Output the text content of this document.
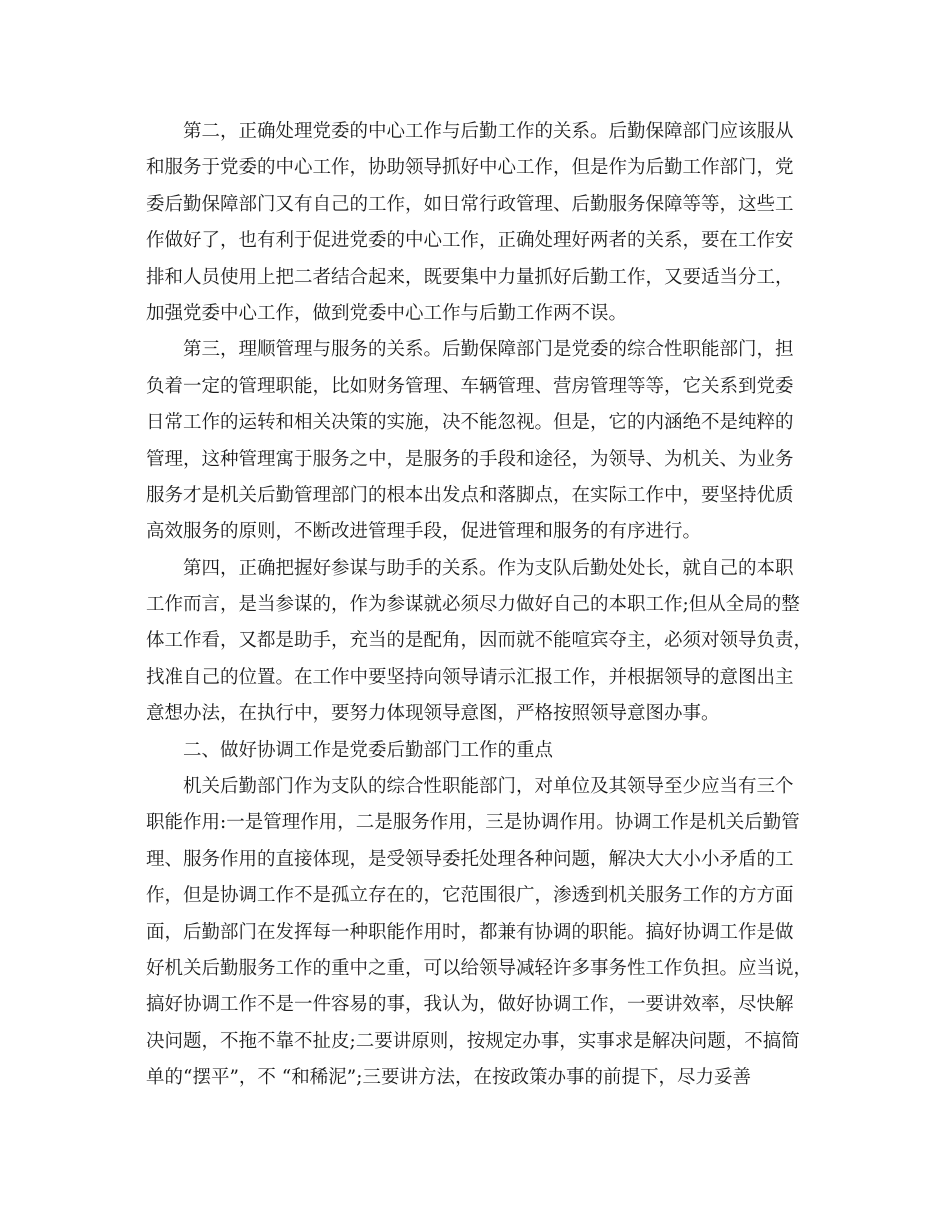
第二，正确处理党委的中心工作与后勤工作的关系。后勤保障部门应该服从
和服务于党委的中心工作，协助领导抓好中心工作，但是作为后勤工作部门，党
委后勤保障部门又有自己的工作，如日常行政管理、后勤服务保障等等，这些工
作做好了，也有利于促进党委的中心工作，正确处理好两者的关系，要在工作安
排和人员使用上把二者结合起来，既要集中力量抓好后勤工作，又要适当分工，
加强党委中心工作，做到党委中心工作与后勤工作两不误。
第三，理顺管理与服务的关系。后勤保障部门是党委的综合性职能部门，担
负着一定的管理职能，比如财务管理、车辆管理、营房管理等等，它关系到党委
日常工作的运转和相关决策的实施，决不能忽视。但是，它的内涵绝不是纯粹的
管理，这种管理寓于服务之中，是服务的手段和途径，为领导、为机关、为业务
服务才是机关后勤管理部门的根本出发点和落脚点，在实际工作中，要坚持优质
高效服务的原则，不断改进管理手段，促进管理和服务的有序进行。
第四，正确把握好参谋与助手的关系。作为支队后勤处处长，就自己的本职
工作而言，是当参谋的，作为参谋就必须尽力做好自己的本职工作;但从全局的整
体工作看，又都是助手，充当的是配角，因而就不能喧宾夺主，必须对领导负责，
找准自己的位置。在工作中要坚持向领导请示汇报工作，并根据领导的意图出主
意想办法，在执行中，要努力体现领导意图，严格按照领导意图办事。
二、做好协调工作是党委后勤部门工作的重点
机关后勤部门作为支队的综合性职能部门，对单位及其领导至少应当有三个
职能作用:一是管理作用，二是服务作用，三是协调作用。协调工作是机关后勤管
理、服务作用的直接体现，是受领导委托处理各种问题，解决大大小小矛盾的工
作，但是协调工作不是孤立存在的，它范围很广，渗透到机关服务工作的方方面
面，后勤部门在发挥每一种职能作用时，都兼有协调的职能。搞好协调工作是做
好机关后勤服务工作的重中之重，可以给领导减轻许多事务性工作负担。应当说，
搞好协调工作不是一件容易的事，我认为，做好协调工作，一要讲效率，尽快解
决问题，不拖不靠不扯皮;二要讲原则，按规定办事，实事求是解决问题，不搞简
单的“摆平”，不 “和稀泥”;三要讲方法，在按政策办事的前提下，尽力妥善
